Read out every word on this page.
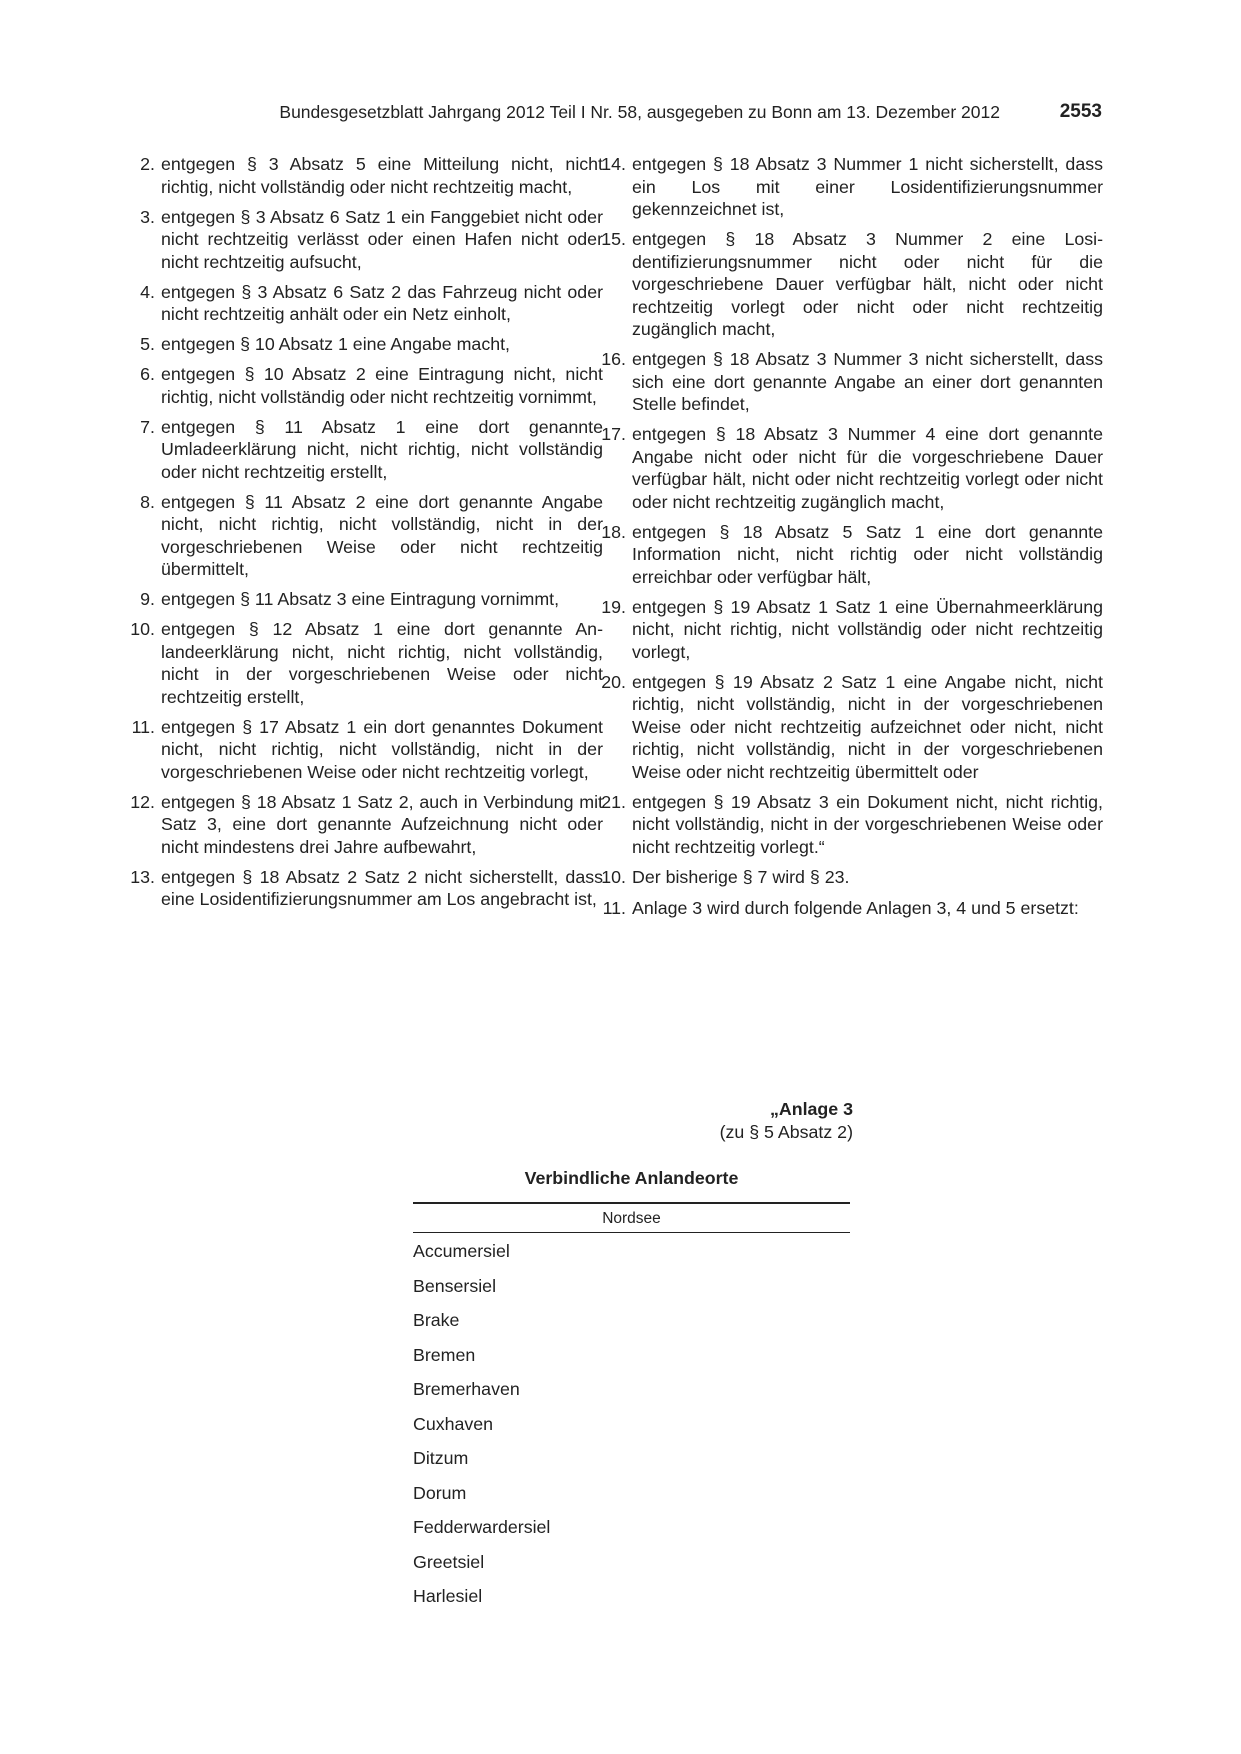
Bundesgesetzblatt Jahrgang 2012 Teil I Nr. 58, ausgegeben zu Bonn am 13. Dezember 2012	2553
2. entgegen § 3 Absatz 5 eine Mitteilung nicht, nicht richtig, nicht vollständig oder nicht rechtzeitig macht,
3. entgegen § 3 Absatz 6 Satz 1 ein Fanggebiet nicht oder nicht rechtzeitig verlässt oder einen Hafen nicht oder nicht rechtzeitig aufsucht,
4. entgegen § 3 Absatz 6 Satz 2 das Fahrzeug nicht oder nicht rechtzeitig anhält oder ein Netz einholt,
5. entgegen § 10 Absatz 1 eine Angabe macht,
6. entgegen § 10 Absatz 2 eine Eintragung nicht, nicht richtig, nicht vollständig oder nicht rechtzeitig vornimmt,
7. entgegen § 11 Absatz 1 eine dort genannte Umladeerklärung nicht, nicht richtig, nicht vollständig oder nicht rechtzeitig erstellt,
8. entgegen § 11 Absatz 2 eine dort genannte Angabe nicht, nicht richtig, nicht vollständig, nicht in der vorgeschriebenen Weise oder nicht rechtzeitig übermittelt,
9. entgegen § 11 Absatz 3 eine Eintragung vornimmt,
10. entgegen § 12 Absatz 1 eine dort genannte Anlandeerklärung nicht, nicht richtig, nicht vollständig, nicht in der vorgeschriebenen Weise oder nicht rechtzeitig erstellt,
11. entgegen § 17 Absatz 1 ein dort genanntes Dokument nicht, nicht richtig, nicht vollständig, nicht in der vorgeschriebenen Weise oder nicht rechtzeitig vorlegt,
12. entgegen § 18 Absatz 1 Satz 2, auch in Verbindung mit Satz 3, eine dort genannte Aufzeichnung nicht oder nicht mindestens drei Jahre aufbewahrt,
13. entgegen § 18 Absatz 2 Satz 2 nicht sicherstellt, dass eine Losidentifizierungsnummer am Los angebracht ist,
14. entgegen § 18 Absatz 3 Nummer 1 nicht sicherstellt, dass ein Los mit einer Losidentifizierungsnummer gekennzeichnet ist,
15. entgegen § 18 Absatz 3 Nummer 2 eine Losidentifizierungsnummer nicht oder nicht für die vorgeschriebene Dauer verfügbar hält, nicht oder nicht rechtzeitig vorlegt oder nicht oder nicht rechtzeitig zugänglich macht,
16. entgegen § 18 Absatz 3 Nummer 3 nicht sicherstellt, dass sich eine dort genannte Angabe an einer dort genannten Stelle befindet,
17. entgegen § 18 Absatz 3 Nummer 4 eine dort genannte Angabe nicht oder nicht für die vorgeschriebene Dauer verfügbar hält, nicht oder nicht rechtzeitig vorlegt oder nicht oder nicht rechtzeitig zugänglich macht,
18. entgegen § 18 Absatz 5 Satz 1 eine dort genannte Information nicht, nicht richtig oder nicht vollständig erreichbar oder verfügbar hält,
19. entgegen § 19 Absatz 1 Satz 1 eine Übernahmeerklärung nicht, nicht richtig, nicht vollständig oder nicht rechtzeitig vorlegt,
20. entgegen § 19 Absatz 2 Satz 1 eine Angabe nicht, nicht richtig, nicht vollständig, nicht in der vorgeschriebenen Weise oder nicht rechtzeitig aufzeichnet oder nicht, nicht richtig, nicht vollständig, nicht in der vorgeschriebenen Weise oder nicht rechtzeitig übermittelt oder
21. entgegen § 19 Absatz 3 ein Dokument nicht, nicht richtig, nicht vollständig, nicht in der vorgeschriebenen Weise oder nicht rechtzeitig vorlegt.“
10. Der bisherige § 7 wird § 23.
11. Anlage 3 wird durch folgende Anlagen 3, 4 und 5 ersetzt:
„Anlage 3
(zu § 5 Absatz 2)
Verbindliche Anlandeorte
Nordsee
Accumersiel
Bensersiel
Brake
Bremen
Bremerhaven
Cuxhaven
Ditzum
Dorum
Fedderwardersiel
Greetsiel
Harlesiel
